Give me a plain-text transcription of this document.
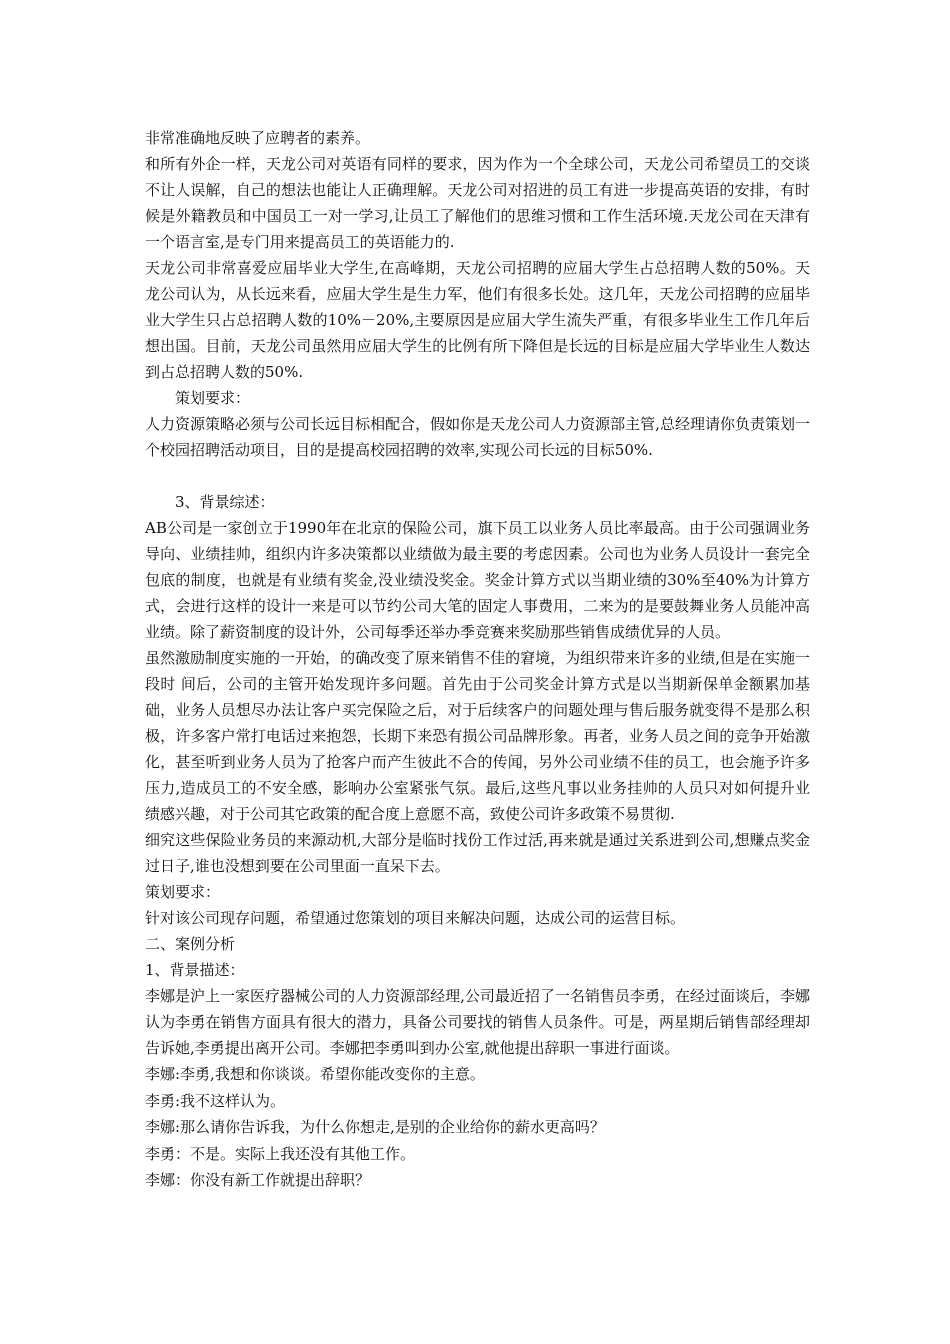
非常准确地反映了应聘者的素养。

和所有外企一样，天龙公司对英语有同样的要求，因为作为一个全球公司，天龙公司希望员工的交谈不让人误解，自己的想法也能让人正确理解。天龙公司对招进的员工有进一步提高英语的安排，有时候是外籍教员和中国员工一对一学习,让员工了解他们的思维习惯和工作生活环境.天龙公司在天津有一个语言室,是专门用来提高员工的英语能力的.

天龙公司非常喜爱应届毕业大学生,在高峰期，天龙公司招聘的应届大学生占总招聘人数的50%。天龙公司认为，从长远来看，应届大学生是生力军，他们有很多长处。这几年，天龙公司招聘的应届毕业大学生只占总招聘人数的10%－20%,主要原因是应届大学生流失严重，有很多毕业生工作几年后想出国。目前，天龙公司虽然用应届大学生的比例有所下降但是长远的目标是应届大学毕业生人数达到占总招聘人数的50%.

策划要求：

人力资源策略必须与公司长远目标相配合，假如你是天龙公司人力资源部主管,总经理请你负责策划一个校园招聘活动项目，目的是提高校园招聘的效率,实现公司长远的目标50%.

3、背景综述：

AB公司是一家创立于1990年在北京的保险公司，旗下员工以业务人员比率最高。由于公司强调业务导向、业绩挂帅，组织内许多决策都以业绩做为最主要的考虑因素。公司也为业务人员设计一套完全包底的制度，也就是有业绩有奖金,没业绩没奖金。奖金计算方式以当期业绩的30%至40%为计算方式，会进行这样的设计一来是可以节约公司大笔的固定人事费用，二来为的是要鼓舞业务人员能冲高业绩。除了薪资制度的设计外，公司每季还举办季竞赛来奖励那些销售成绩优异的人员。

虽然激励制度实施的一开始，的确改变了原来销售不佳的窘境，为组织带来许多的业绩,但是在实施一段时 间后，公司的主管开始发现许多问题。首先由于公司奖金计算方式是以当期新保单金额累加基础，业务人员想尽办法让客户买完保险之后，对于后续客户的问题处理与售后服务就变得不是那么积极，许多客户常打电话过来抱怨，长期下来恐有损公司品牌形象。再者，业务人员之间的竞争开始激化，甚至听到业务人员为了抢客户而产生彼此不合的传闻，另外公司业绩不佳的员工，也会施予许多压力,造成员工的不安全感，影响办公室紧张气氛。最后,这些凡事以业务挂帅的人员只对如何提升业绩感兴趣，对于公司其它政策的配合度上意愿不高，致使公司许多政策不易贯彻.

细究这些保险业务员的来源动机,大部分是临时找份工作过活,再来就是通过关系进到公司,想赚点奖金过日子,谁也没想到要在公司里面一直呆下去。

策划要求：

针对该公司现存问题，希望通过您策划的项目来解决问题，达成公司的运营目标。

二、案例分析

1、背景描述：

李娜是沪上一家医疗器械公司的人力资源部经理,公司最近招了一名销售员李勇，在经过面谈后，李娜认为李勇在销售方面具有很大的潜力，具备公司要找的销售人员条件。可是，两星期后销售部经理却告诉她,李勇提出离开公司。李娜把李勇叫到办公室,就他提出辞职一事进行面谈。

李娜:李勇,我想和你谈谈。希望你能改变你的主意。

李勇:我不这样认为。

李娜:那么请你告诉我，为什么你想走,是别的企业给你的薪水更高吗？

李勇：不是。实际上我还没有其他工作。

李娜：你没有新工作就提出辞职？
